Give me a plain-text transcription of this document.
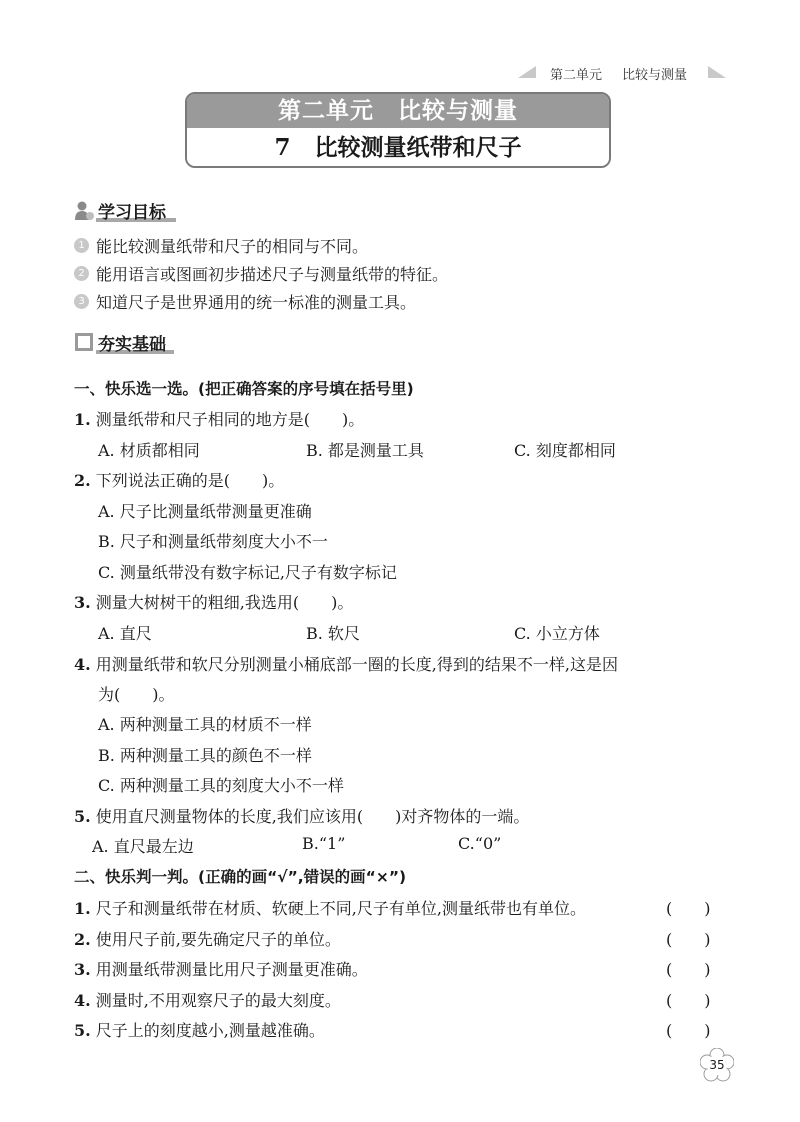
第二单元 比较与测量
第二单元 比较与测量
7 比较测量纸带和尺子
学习目标
1 能比较测量纸带和尺子的相同与不同。
2 能用语言或图画初步描述尺子与测量纸带的特征。
3 知道尺子是世界通用的统一标准的测量工具。
夯实基础
一、快乐选一选。(把正确答案的序号填在括号里)
1. 测量纸带和尺子相同的地方是(　　)。
A. 材质都相同	B. 都是测量工具	C. 刻度都相同
2. 下列说法正确的是(　　)。
A. 尺子比测量纸带测量更准确
B. 尺子和测量纸带刻度大小不一
C. 测量纸带没有数字标记,尺子有数字标记
3. 测量大树树干的粗细,我选用(　　)。
A. 直尺	B. 软尺	C. 小立方体
4. 用测量纸带和软尺分别测量小桶底部一圈的长度,得到的结果不一样,这是因
为(　　)。
A. 两种测量工具的材质不一样
B. 两种测量工具的颜色不一样
C. 两种测量工具的刻度大小不一样
5. 使用直尺测量物体的长度,我们应该用(　　)对齐物体的一端。
A. 直尺最左边	B.“1”	C.“0”
二、快乐判一判。(正确的画“√”,错误的画“×”)
1. 尺子和测量纸带在材质、软硬上不同,尺子有单位,测量纸带也有单位。	(　　)
2. 使用尺子前,要先确定尺子的单位。	(　　)
3. 用测量纸带测量比用尺子测量更准确。	(　　)
4. 测量时,不用观察尺子的最大刻度。	(　　)
5. 尺子上的刻度越小,测量越准确。	(　　)
35
